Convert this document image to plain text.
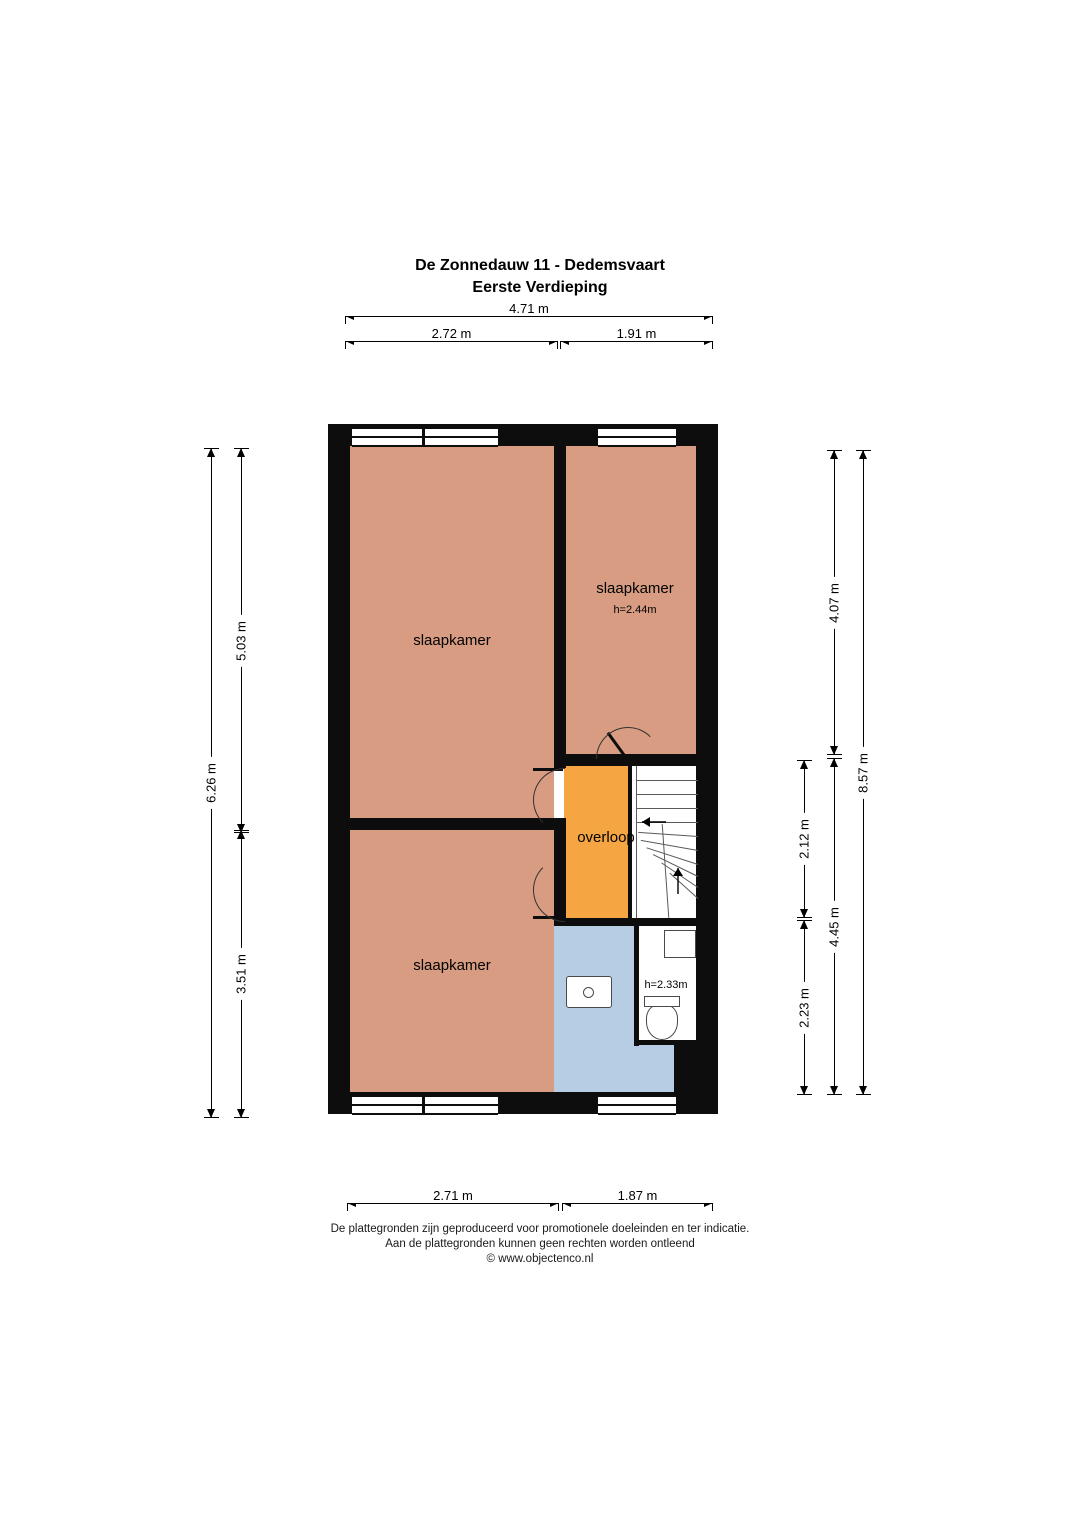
De Zonnedauw 11 - Dedemsvaart
Eerste Verdieping
4.71 m
2.72 m	1.91 m
2.71 m	1.87 m
6.26 m
5.03 m
3.51 m
2.12 m
2.23 m
4.07 m
4.45 m
8.57 m
slaapkamer
slaapkamer
h=2.44m
slaapkamer
overloop
h=2.33m
De plattegronden zijn geproduceerd voor promotionele doeleinden en ter indicatie.
Aan de plattegronden kunnen geen rechten worden ontleend
© www.objectenco.nl
